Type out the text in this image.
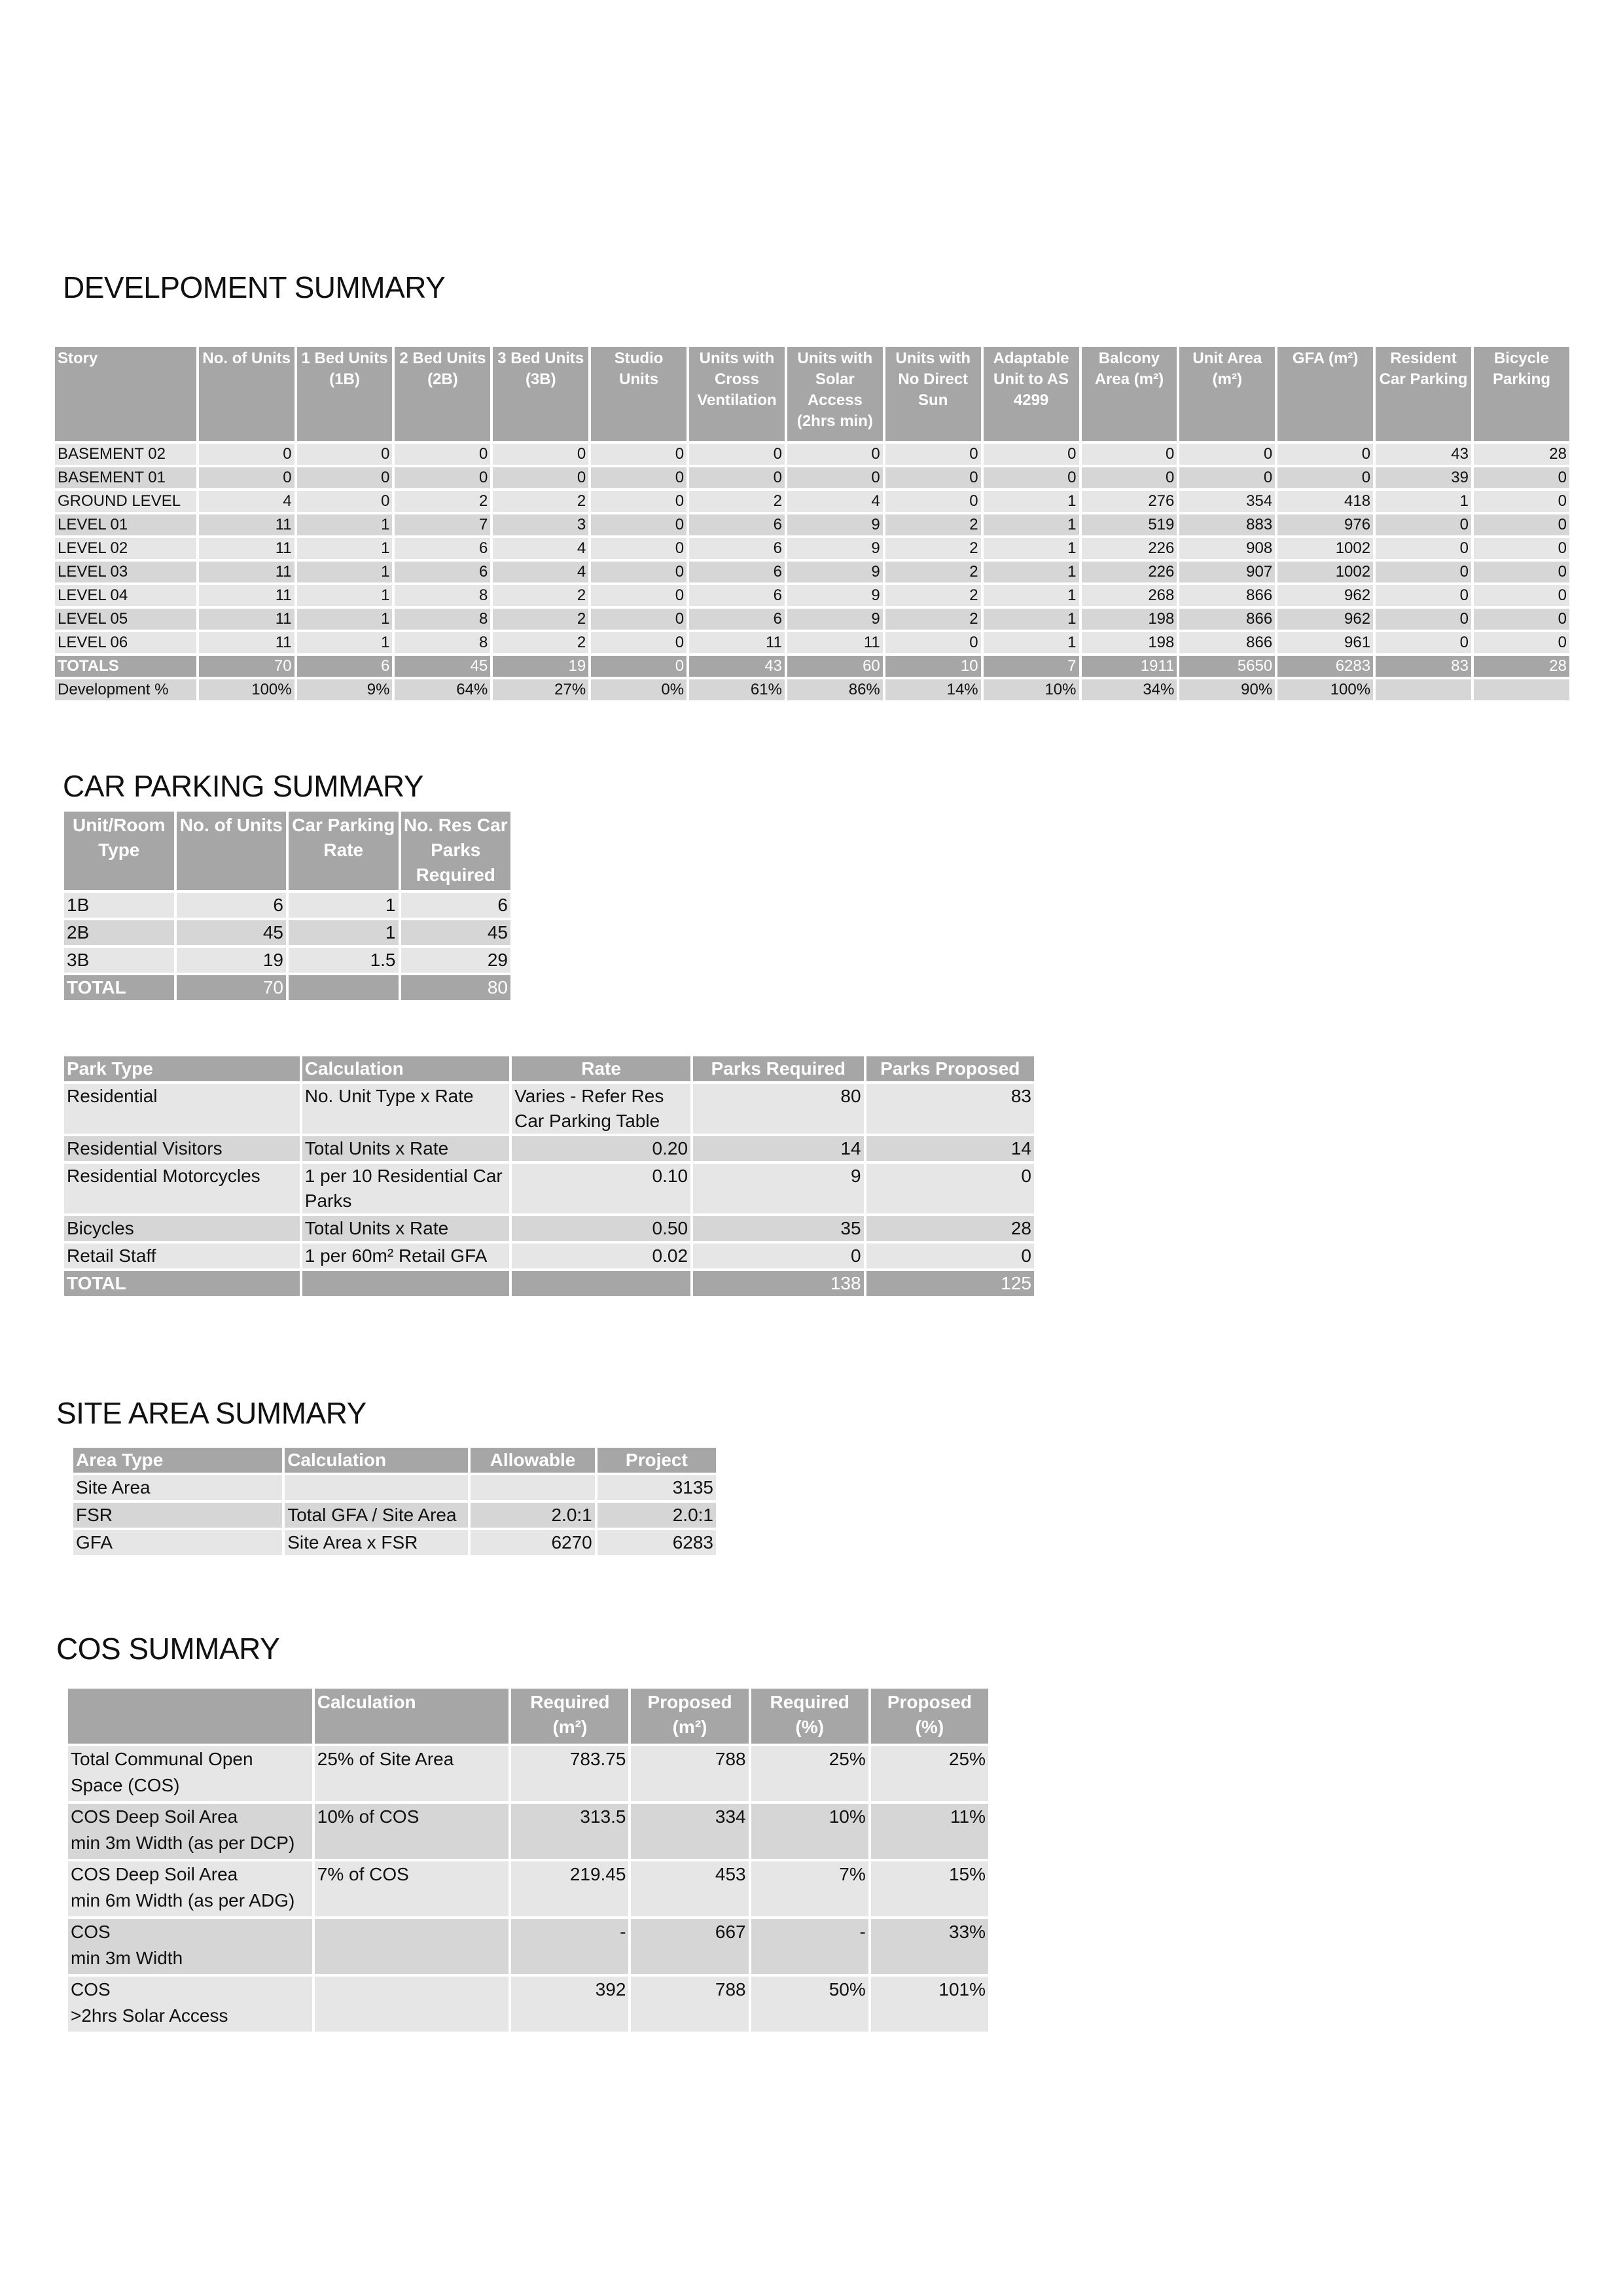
DEVELPOMENT SUMMARY
Story	No. of Units	1 Bed Units (1B)	2 Bed Units (2B)	3 Bed Units (3B)	Studio Units	Units with Cross Ventilation	Units with Solar Access (2hrs min)	Units with No Direct Sun	Adaptable Unit to AS 4299	Balcony Area (m²)	Unit Area (m²)	GFA (m²)	Resident Car Parking	Bicycle Parking
BASEMENT 02	0	0	0	0	0	0	0	0	0	0	0	0	43	28
BASEMENT 01	0	0	0	0	0	0	0	0	0	0	0	0	39	0
GROUND LEVEL	4	0	2	2	0	2	4	0	1	276	354	418	1	0
LEVEL 01	11	1	7	3	0	6	9	2	1	519	883	976	0	0
LEVEL 02	11	1	6	4	0	6	9	2	1	226	908	1002	0	0
LEVEL 03	11	1	6	4	0	6	9	2	1	226	907	1002	0	0
LEVEL 04	11	1	8	2	0	6	9	2	1	268	866	962	0	0
LEVEL 05	11	1	8	2	0	6	9	2	1	198	866	962	0	0
LEVEL 06	11	1	8	2	0	11	11	0	1	198	866	961	0	0
TOTALS	70	6	45	19	0	43	60	10	7	1911	5650	6283	83	28
Development %	100%	9%	64%	27%	0%	61%	86%	14%	10%	34%	90%	100%		
CAR PARKING SUMMARY
Unit/Room Type	No. of Units	Car Parking Rate	No. Res Car Parks Required
1B	6	1	6
2B	45	1	45
3B	19	1.5	29
TOTAL	70		80
Park Type	Calculation	Rate	Parks Required	Parks Proposed
Residential	No. Unit Type x Rate	Varies - Refer Res Car Parking Table	80	83
Residential Visitors	Total Units x Rate	0.20	14	14
Residential Motorcycles	1 per 10 Residential Car Parks	0.10	9	0
Bicycles	Total Units x Rate	0.50	35	28
Retail Staff	1 per 60m² Retail GFA	0.02	0	0
TOTAL			138	125
SITE AREA SUMMARY
Area Type	Calculation	Allowable	Project
Site Area			3135
FSR	Total GFA / Site Area	2.0:1	2.0:1
GFA	Site Area x FSR	6270	6283
COS SUMMARY
	Calculation	Required (m²)	Proposed (m²)	Required (%)	Proposed (%)
Total Communal Open Space (COS)	25% of Site Area	783.75	788	25%	25%
COS Deep Soil Area
min 3m Width (as per DCP)	10% of COS	313.5	334	10%	11%
COS Deep Soil Area
min 6m Width (as per ADG)	7% of COS	219.45	453	7%	15%
COS
min 3m Width		-	667	-	33%
COS
>2hrs Solar Access		392	788	50%	101%
